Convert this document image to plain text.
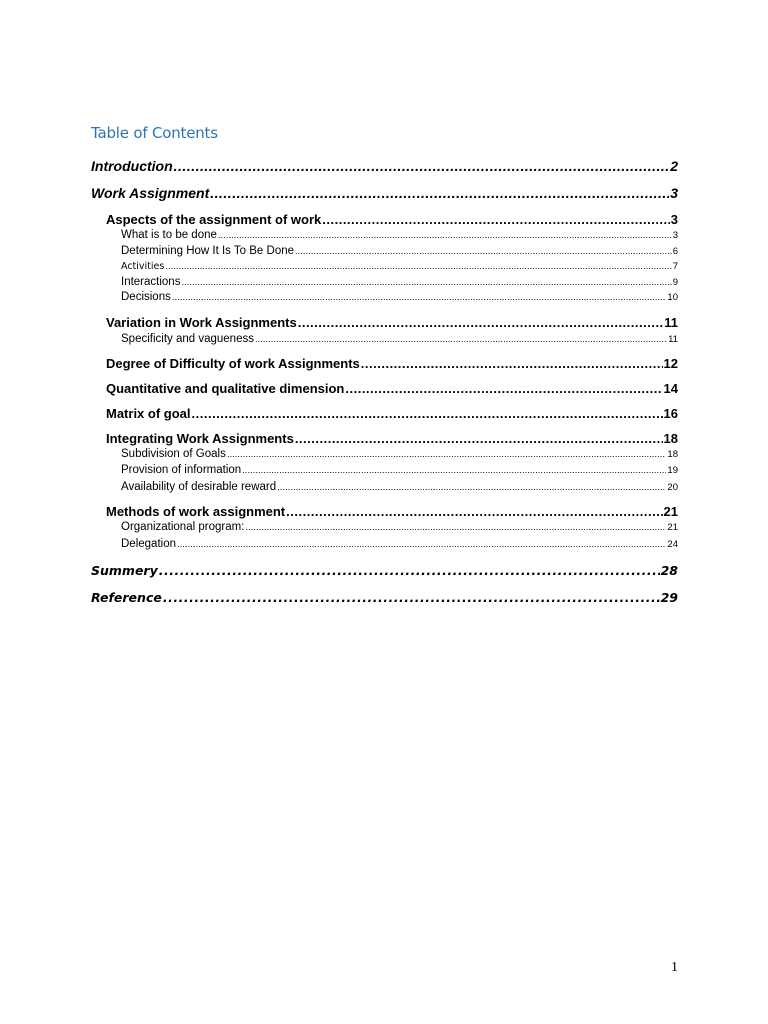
Table of Contents
Introduction .....	2
Work Assignment .....	3
Aspects of the assignment of work .....	3
What is to be done .....	3
Determining How It Is To Be Done .....	6
Activities .....	7
Interactions .....	9
Decisions .....	10
Variation in Work Assignments .....	11
Specificity and vagueness .....	11
Degree of Difficulty of work Assignments .....	12
Quantitative and qualitative dimension .....	14
Matrix of goal .....	16
Integrating Work Assignments .....	18
Subdivision of Goals .....	18
Provision of information .....	19
Availability of desirable reward .....	20
Methods of work assignment .....	21
Organizational program: .....	21
Delegation .....	24
Summery .....	28
Reference .....	29
1
